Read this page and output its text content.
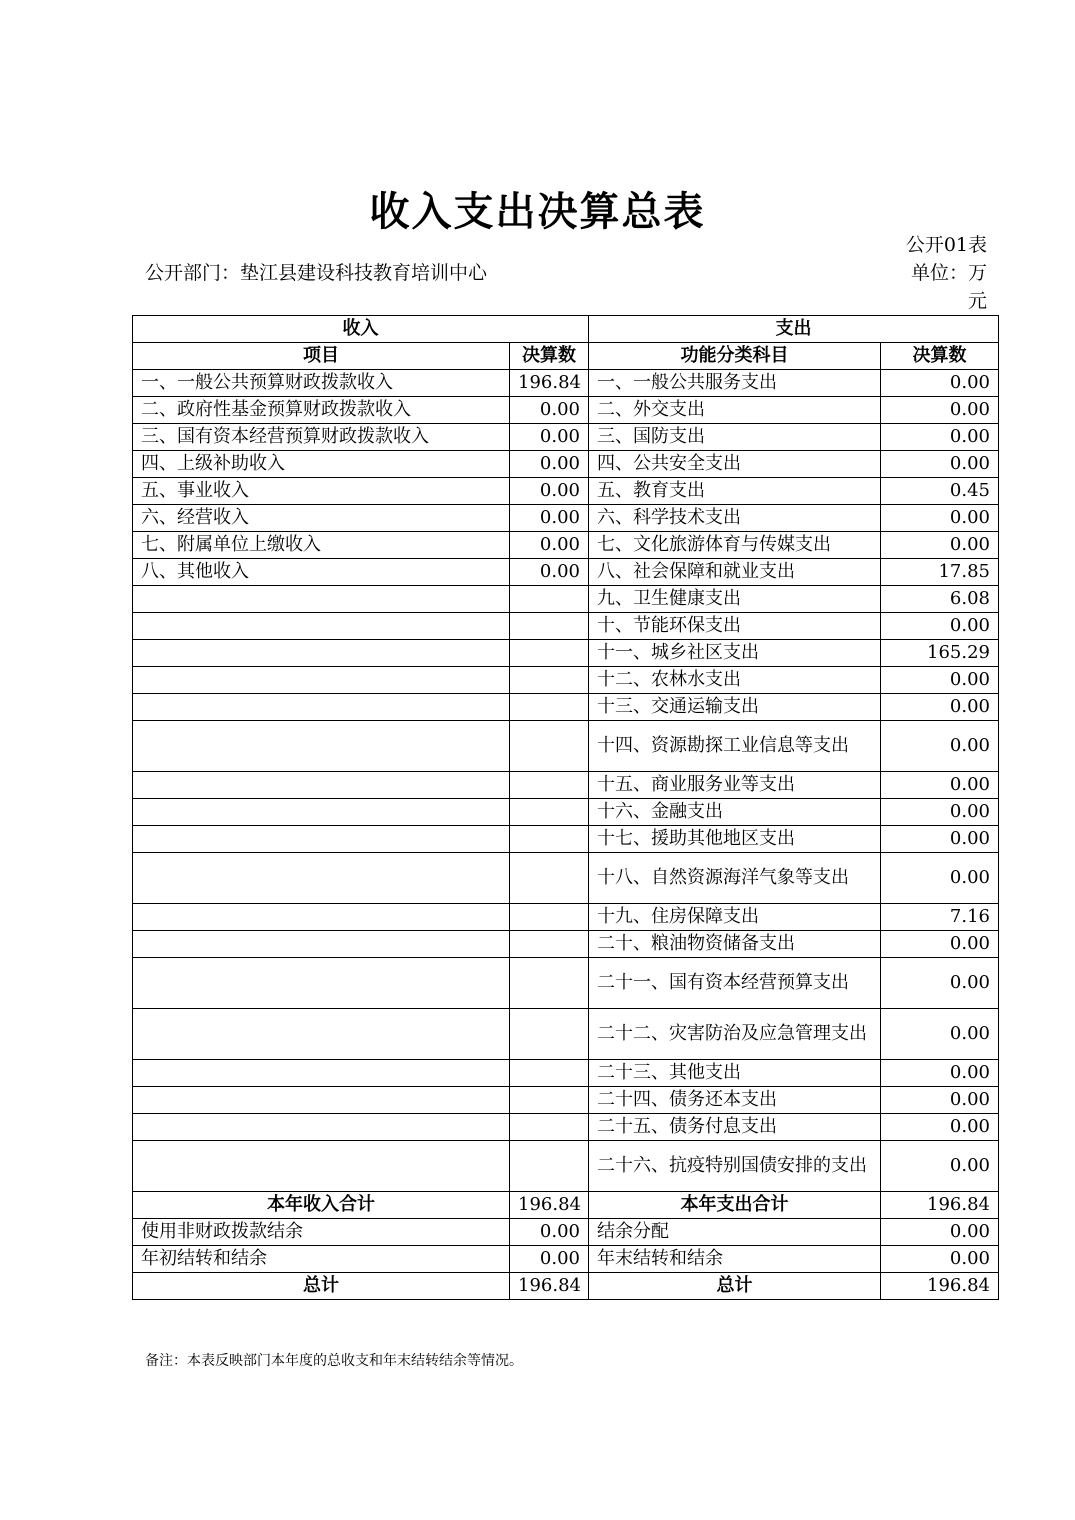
收入支出决算总表
公开01表
公开部门：垫江县建设科技教育培训中心	单位：万元
收入		支出	
项目	决算数	功能分类科目	决算数
一、一般公共预算财政拨款收入	196.84	一、一般公共服务支出	0.00
二、政府性基金预算财政拨款收入	0.00	二、外交支出	0.00
三、国有资本经营预算财政拨款收入	0.00	三、国防支出	0.00
四、上级补助收入	0.00	四、公共安全支出	0.00
五、事业收入	0.00	五、教育支出	0.45
六、经营收入	0.00	六、科学技术支出	0.00
七、附属单位上缴收入	0.00	七、文化旅游体育与传媒支出	0.00
八、其他收入	0.00	八、社会保障和就业支出	17.85
		九、卫生健康支出	6.08
		十、节能环保支出	0.00
		十一、城乡社区支出	165.29
		十二、农林水支出	0.00
		十三、交通运输支出	0.00
		十四、资源勘探工业信息等支出	0.00
		十五、商业服务业等支出	0.00
		十六、金融支出	0.00
		十七、援助其他地区支出	0.00
		十八、自然资源海洋气象等支出	0.00
		十九、住房保障支出	7.16
		二十、粮油物资储备支出	0.00
		二十一、国有资本经营预算支出	0.00
		二十二、灾害防治及应急管理支出	0.00
		二十三、其他支出	0.00
		二十四、债务还本支出	0.00
		二十五、债务付息支出	0.00
		二十六、抗疫特别国债安排的支出	0.00
本年收入合计	196.84	本年支出合计	196.84
使用非财政拨款结余	0.00	结余分配	0.00
年初结转和结余	0.00	年末结转和结余	0.00
总计	196.84	总计	196.84
备注：本表反映部门本年度的总收支和年末结转结余等情况。
